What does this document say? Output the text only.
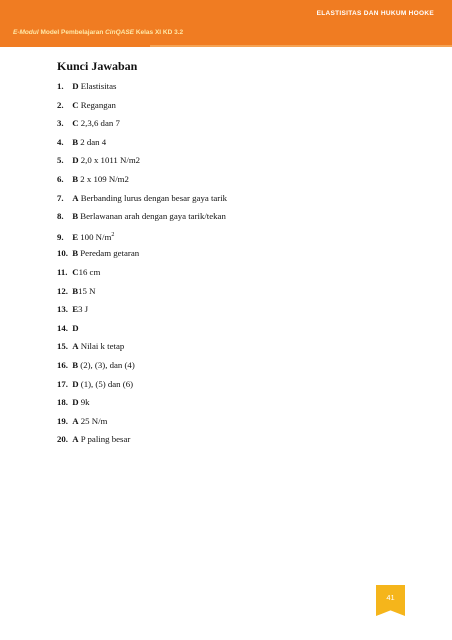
ELASTISITAS DAN HUKUM HOOKE
E-Modul Model Pembelajaran CinQASE Kelas XI KD 3.2
Kunci Jawaban
1. D Elastisitas
2. C Regangan
3. C 2,3,6 dan 7
4. B 2 dan 4
5. D 2,0 x 1011 N/m2
6. B 2 x 109 N/m2
7. A Berbanding lurus dengan besar gaya tarik
8. B Berlawanan arah dengan gaya tarik/tekan
9. E 100 $N/m^2$
10. B Peredam getaran
11. C16 cm
12. B15 N
13. E3 J
14. D
15. A Nilai k tetap
16. B (2), (3), dan (4)
17. D (1), (5) dan (6)
18. D 9k
19. A 25 N/m
20. A P paling besar
41
